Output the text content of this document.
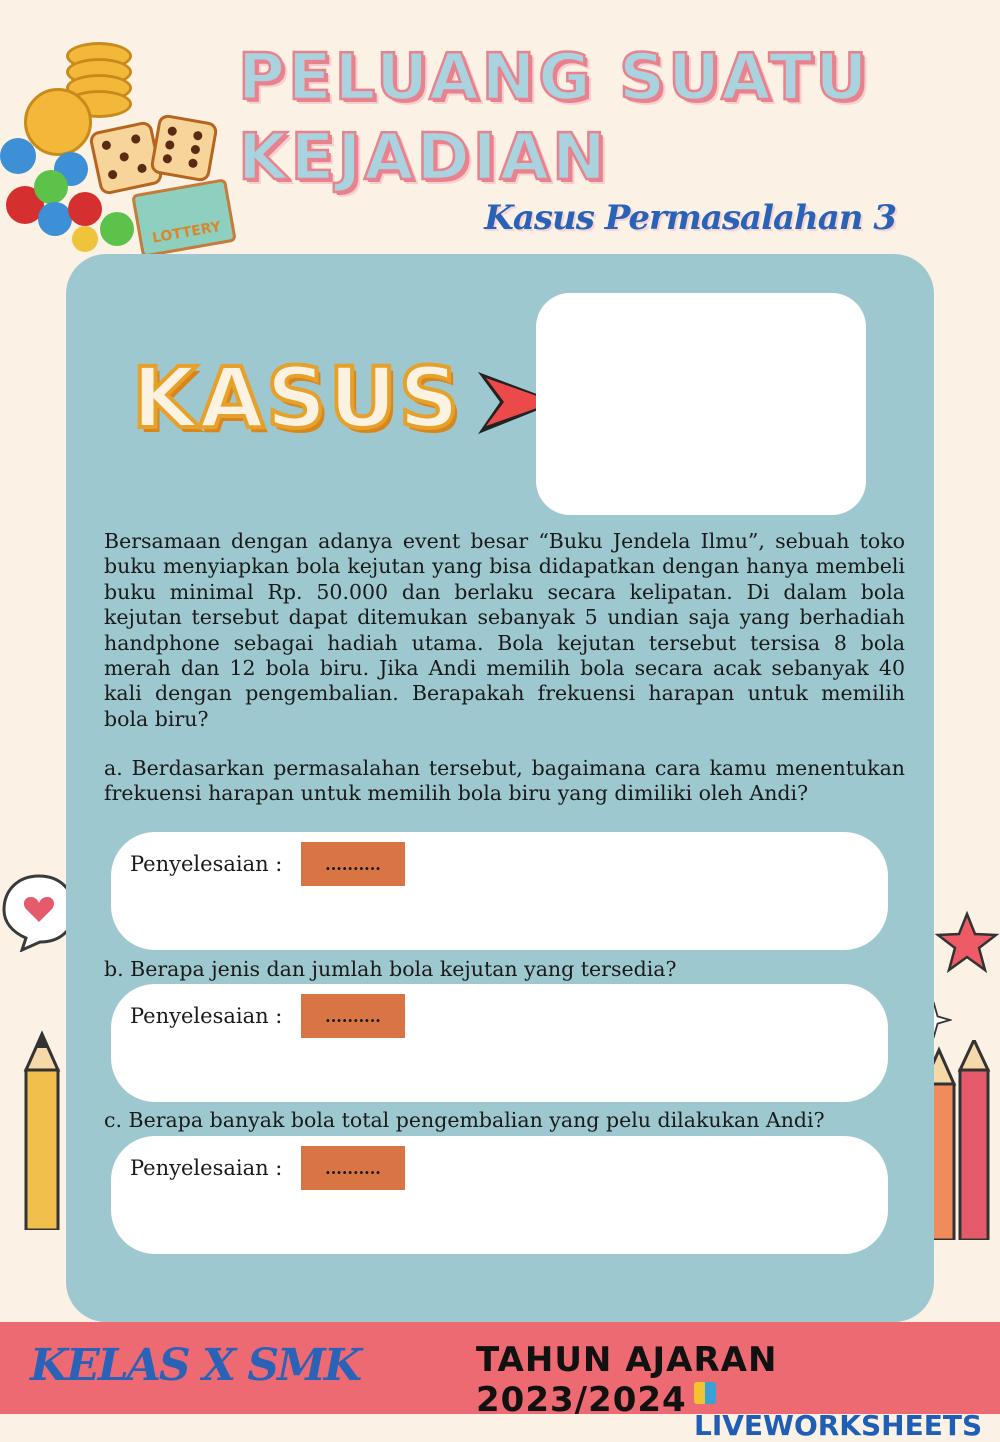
LOTTERY
PELUANG SUATU
KEJADIAN
Kasus Permasalahan 3
KASUS
Bersamaan dengan adanya event besar “Buku Jendela Ilmu”, sebuah toko buku menyiapkan bola kejutan yang bisa didapatkan dengan hanya membeli buku minimal Rp. 50.000 dan berlaku secara kelipatan. Di dalam bola kejutan tersebut dapat ditemukan sebanyak 5 undian saja yang berhadiah handphone sebagai hadiah utama. Bola kejutan tersebut tersisa 8 bola merah dan 12 bola biru. Jika Andi memilih bola secara acak sebanyak 40 kali dengan pengembalian. Berapakah frekuensi harapan untuk memilih bola biru?
a. Berdasarkan permasalahan tersebut, bagaimana cara kamu menentukan frekuensi harapan untuk memilih bola biru yang dimiliki oleh Andi?
Penyelesaian :
..........
b. Berapa jenis dan jumlah bola kejutan yang tersedia?
Penyelesaian :
..........
c. Berapa banyak bola total pengembalian yang pelu dilakukan Andi?
Penyelesaian :
..........
KELAS X SMK	TAHUN AJARAN 2023/2024
LIVEWORKSHEETS
